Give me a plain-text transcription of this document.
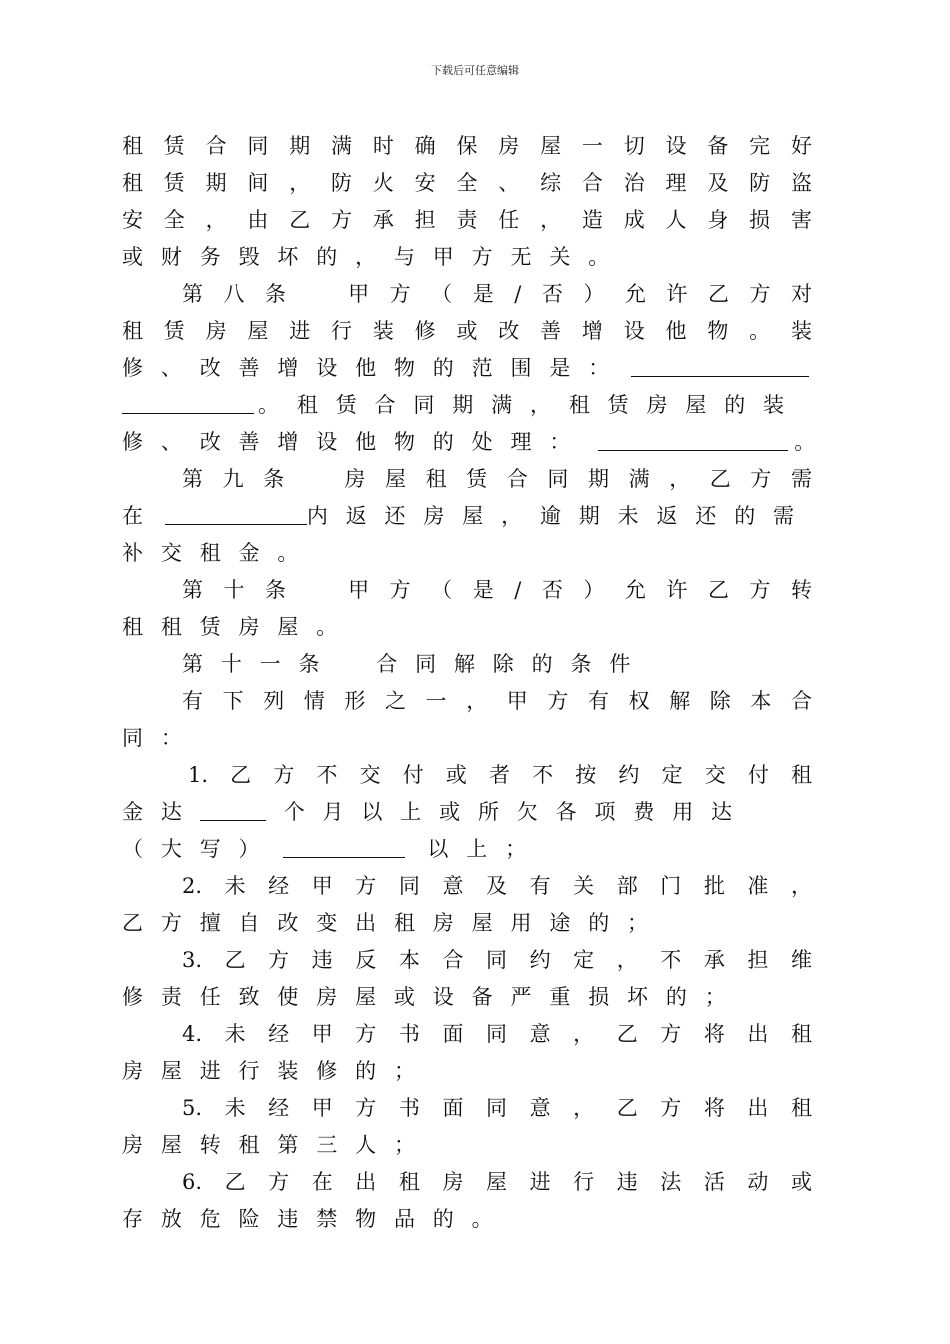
下载后可任意编辑
租赁合同期满时确保房屋一切设备完好
租赁期间，防火安全、综合治理及防盗
安全，由乙方承担责任，造成人身损害
或财务毁坏的，与甲方无关。
第八条　甲方（是/否）允许乙方对
租赁房屋进行装修或改善增设他物。装
修、改善增设他物的范围是：
。租赁合同期满，租赁房屋的装
修、改善增设他物的处理：	。
第九条　房屋租赁合同期满，乙方需
在	内返还房屋，逾期未返还的需
补交租金。
第十条　甲方（是/否）允许乙方转
租租赁房屋。
第十一条　合同解除的条件
有下列情形之一，甲方有权解除本合
同：
1.乙方不交付或者不按约定交付租
金达	个月以上或所欠各项费用达
（大写）	以上；
2.未经甲方同意及有关部门批准，
乙方擅自改变出租房屋用途的；
3.乙方违反本合同约定，不承担维
修责任致使房屋或设备严重损坏的；
4.未经甲方书面同意，乙方将出租
房屋进行装修的；
5.未经甲方书面同意，乙方将出租
房屋转租第三人；
6.乙方在出租房屋进行违法活动或
存放危险违禁物品的。
